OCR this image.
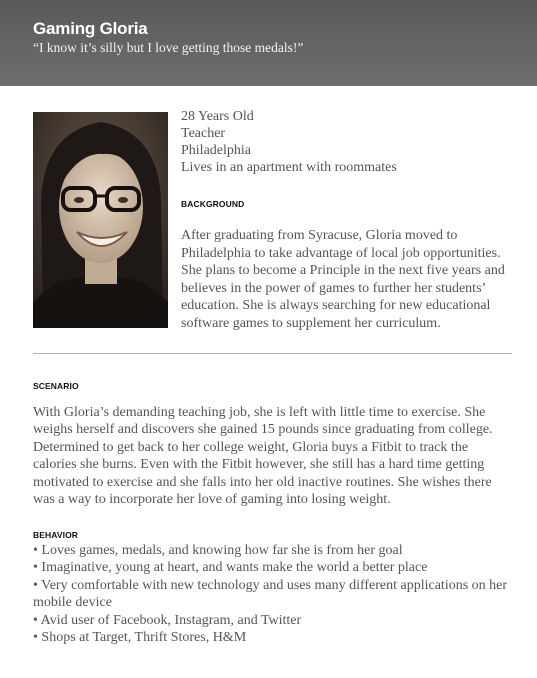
Gaming Gloria
“I know it’s silly but I love getting those medals!”
28 Years Old
Teacher
Philadelphia
Lives in an apartment with roommates
BACKGROUND
After graduating from Syracuse, Gloria moved to Philadelphia to take advantage of local job opportunities. She plans to become a Principle in the next five years and believes in the power of games to further her students’ education. She is always searching for new educational software games to supplement her curriculum.
SCENARIO
With Gloria’s demanding teaching job, she is left with little time to exercise. She weighs herself and discovers she gained 15 pounds since graduating from college. Determined to get back to her college weight, Gloria buys a Fitbit to track the calories she burns. Even with the Fitbit however, she still has a hard time getting motivated to exercise and she falls into her old inactive routines. She wishes there was a way to incorporate her love of gaming into losing weight.
BEHAVIOR
• Loves games, medals, and knowing how far she is from her goal
• Imaginative, young at heart, and wants make the world a better place
• Very comfortable with new technology and uses many different applications on her mobile device
• Avid user of Facebook, Instagram, and Twitter
• Shops at Target, Thrift Stores, H&M
